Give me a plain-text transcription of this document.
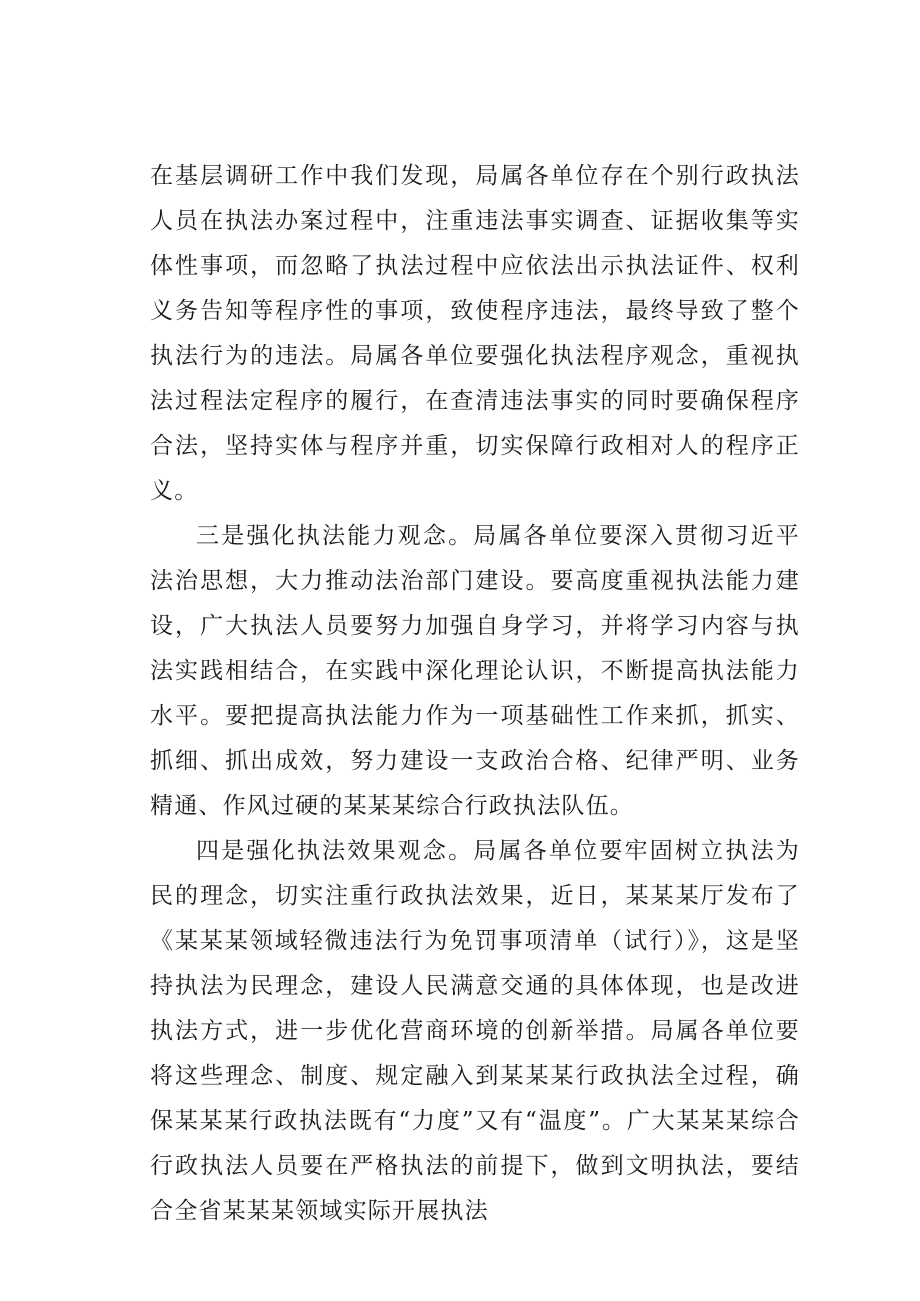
在基层调研工作中我们发现，局属各单位存在个别行政执法人员在执法办案过程中，注重违法事实调查、证据收集等实体性事项，而忽略了执法过程中应依法出示执法证件、权利义务告知等程序性的事项，致使程序违法，最终导致了整个执法行为的违法。局属各单位要强化执法程序观念，重视执法过程法定程序的履行，在查清违法事实的同时要确保程序合法，坚持实体与程序并重，切实保障行政相对人的程序正义。

三是强化执法能力观念。局属各单位要深入贯彻习近平法治思想，大力推动法治部门建设。要高度重视执法能力建设，广大执法人员要努力加强自身学习，并将学习内容与执法实践相结合，在实践中深化理论认识，不断提高执法能力水平。要把提高执法能力作为一项基础性工作来抓，抓实、抓细、抓出成效，努力建设一支政治合格、纪律严明、业务精通、作风过硬的某某某综合行政执法队伍。

四是强化执法效果观念。局属各单位要牢固树立执法为民的理念，切实注重行政执法效果，近日，某某某厅发布了《某某某领域轻微违法行为免罚事项清单（试行）》，这是坚持执法为民理念，建设人民满意交通的具体体现，也是改进执法方式，进一步优化营商环境的创新举措。局属各单位要将这些理念、制度、规定融入到某某某行政执法全过程，确保某某某行政执法既有“力度”又有“温度”。广大某某某综合行政执法人员要在严格执法的前提下，做到文明执法，要结合全省某某某领域实际开展执法
